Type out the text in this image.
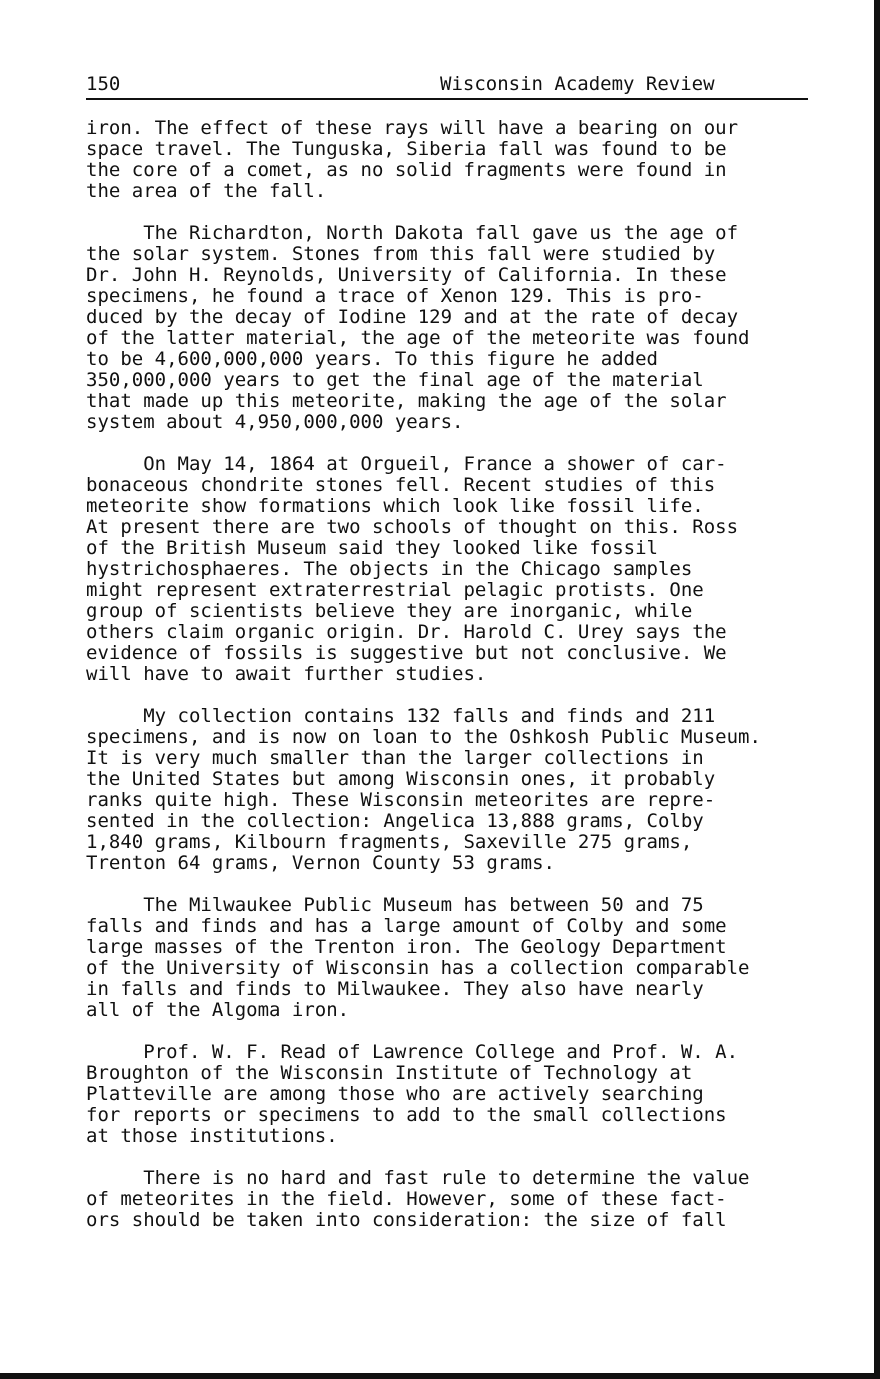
150	Wisconsin Academy Review
iron. The effect of these rays will have a bearing on our
space travel. The Tunguska, Siberia fall was found to be
the core of a comet, as no solid fragments were found in
the area of the fall.
The Richardton, North Dakota fall gave us the age of
the solar system. Stones from this fall were studied by
Dr. John H. Reynolds, University of California. In these
specimens, he found a trace of Xenon 129. This is pro-
duced by the decay of Iodine 129 and at the rate of decay
of the latter material, the age of the meteorite was found
to be 4,600,000,000 years. To this figure he added
350,000,000 years to get the final age of the material
that made up this meteorite, making the age of the solar
system about 4,950,000,000 years.
On May 14, 1864 at Orgueil, France a shower of car-
bonaceous chondrite stones fell. Recent studies of this
meteorite show formations which look like fossil life.
At present there are two schools of thought on this. Ross
of the British Museum said they looked like fossil
hystrichosphaeres. The objects in the Chicago samples
might represent extraterrestrial pelagic protists. One
group of scientists believe they are inorganic, while
others claim organic origin. Dr. Harold C. Urey says the
evidence of fossils is suggestive but not conclusive. We
will have to await further studies.
My collection contains 132 falls and finds and 211
specimens, and is now on loan to the Oshkosh Public Museum.
It is very much smaller than the larger collections in
the United States but among Wisconsin ones, it probably
ranks quite high. These Wisconsin meteorites are repre-
sented in the collection: Angelica 13,888 grams, Colby
1,840 grams, Kilbourn fragments, Saxeville 275 grams,
Trenton 64 grams, Vernon County 53 grams.
The Milwaukee Public Museum has between 50 and 75
falls and finds and has a large amount of Colby and some
large masses of the Trenton iron. The Geology Department
of the University of Wisconsin has a collection comparable
in falls and finds to Milwaukee. They also have nearly
all of the Algoma iron.
Prof. W. F. Read of Lawrence College and Prof. W. A.
Broughton of the Wisconsin Institute of Technology at
Platteville are among those who are actively searching
for reports or specimens to add to the small collections
at those institutions.
There is no hard and fast rule to determine the value
of meteorites in the field. However, some of these fact-
ors should be taken into consideration: the size of fall
